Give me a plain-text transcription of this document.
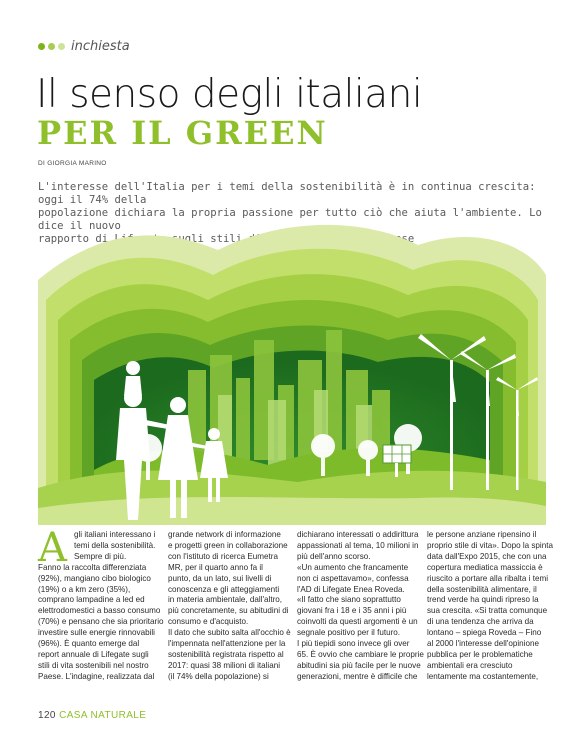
inchiesta
Il senso degli italiani
PER IL GREEN
DI GIORGIA MARINO
L'interesse dell'Italia per i temi della sostenibilità è in continua crescita: oggi il 74% della
popolazione dichiara la propria passione per tutto ciò che aiuta l'ambiente. Lo dice il nuovo
rapporto di Lifegate sugli stili di vita green del Belpaese
A gli italiani interessano i
temi della sostenibilità.
Sempre di più.
Fanno la raccolta differenziata
(92%), mangiano cibo biologico
(19%) o a km zero (35%),
comprano lampadine a led ed
elettrodomestici a basso consumo
(70%) e pensano che sia prioritario
investire sulle energie rinnovabili
(96%). È quanto emerge dal
report annuale di Lifegate sugli
stili di vita sostenibili nel nostro
Paese. L'indagine, realizzata dal
grande network di informazione
e progetti green in collaborazione
con l'istituto di ricerca Eumetra
MR, per il quarto anno fa il
punto, da un lato, sui livelli di
conoscenza e gli atteggiamenti
in materia ambientale, dall'altro,
più concretamente, su abitudini di
consumo e d'acquisto.
Il dato che subito salta all'occhio è
l'impennata nell'attenzione per la
sostenibilità registrata rispetto al
2017: quasi 38 milioni di italiani
(il 74% della popolazione) si
dichiarano interessati o addirittura
appassionati al tema, 10 milioni in
più dell'anno scorso.
«Un aumento che francamente
non ci aspettavamo», confessa
l'AD di Lifegate Enea Roveda.
«Il fatto che siano soprattutto
giovani fra i 18 e i 35 anni i più
coinvolti da questi argomenti è un
segnale positivo per il futuro.
I più tiepidi sono invece gli over
65. È ovvio che cambiare le proprie
abitudini sia più facile per le nuove
generazioni, mentre è difficile che
le persone anziane ripensino il
proprio stile di vita». Dopo la spinta
data dall'Expo 2015, che con una
copertura mediatica massiccia è
riuscito a portare alla ribalta i temi
della sostenibilità alimentare, il
trend verde ha quindi ripreso la
sua crescita. «Si tratta comunque
di una tendenza che arriva da
lontano – spiega Roveda – Fino
al 2000 l'interesse dell'opinione
pubblica per le problematiche
ambientali era cresciuto
lentamente ma costantemente,
120 CASA NATURALE
